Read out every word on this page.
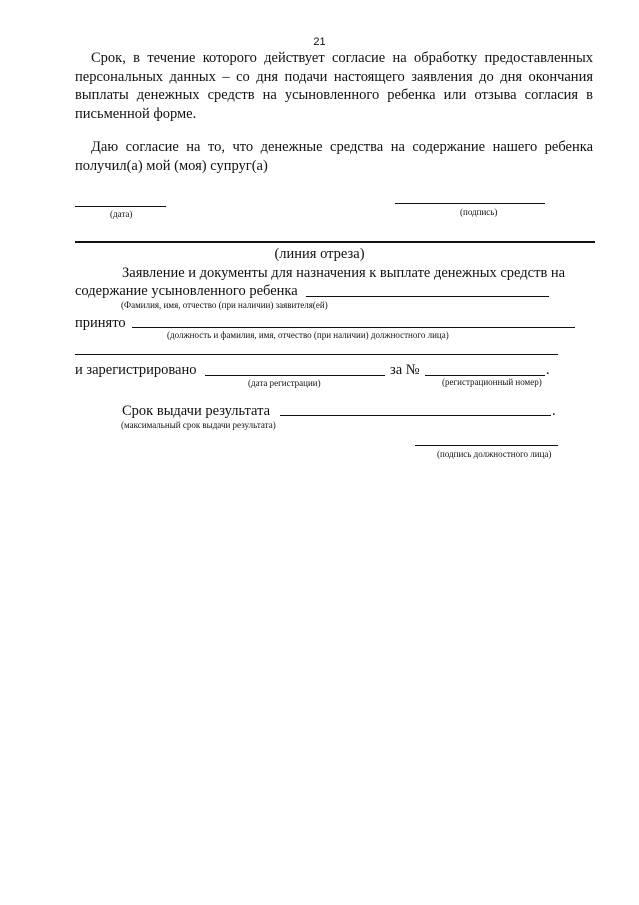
21

Срок, в течение которого действует согласие на обработку предоставленных персональных данных – со дня подачи настоящего заявления до дня окончания выплаты денежных средств на усыновленного ребенка или отзыва согласия в письменной форме.

Даю согласие на то, что денежные средства на содержание нашего ребенка получил(а) мой (моя) супруг(а)

(дата)	(подпись)
(линия отреза)
Заявление и документы для назначения к выплате денежных средств на
содержание усыновленного ребенка
(Фамилия, имя, отчество (при наличии) заявителя(ей)
принято
(должность и фамилия, имя, отчество (при наличии) должностного лица)
и зарегистрировано	за №	.
(дата регистрации)	(регистрационный номер)
Срок выдачи результата	.
(максимальный срок выдачи результата)
(подпись должностного лица)
